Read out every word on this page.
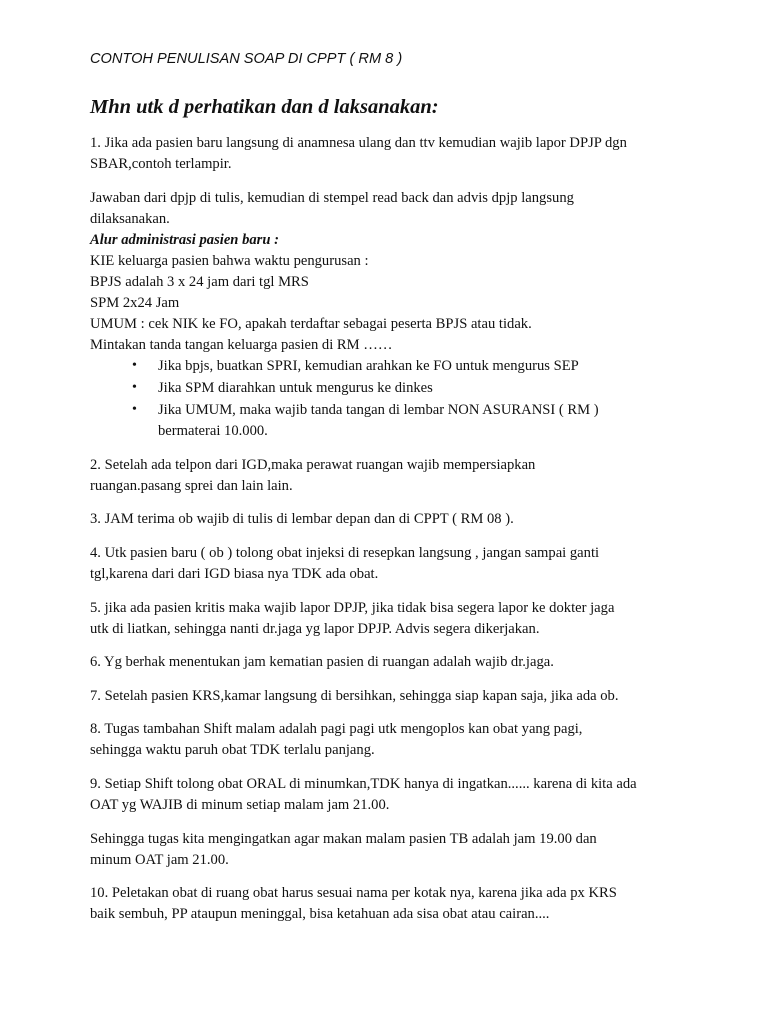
CONTOH PENULISAN SOAP DI CPPT ( RM 8 )
Mhn utk d perhatikan dan d laksanakan:
1. Jika ada pasien baru langsung di anamnesa ulang dan ttv kemudian wajib lapor DPJP dgn
SBAR,contoh terlampir.
Jawaban dari dpjp di tulis, kemudian di stempel read back dan advis dpjp langsung
dilaksanakan.
Alur administrasi pasien baru :
KIE keluarga pasien bahwa waktu pengurusan :
BPJS adalah 3 x 24 jam dari tgl MRS
SPM 2x24 Jam
UMUM : cek NIK ke FO, apakah terdaftar sebagai peserta BPJS atau tidak.
Mintakan tanda tangan keluarga pasien di RM ……
• Jika bpjs, buatkan SPRI, kemudian arahkan ke FO untuk mengurus SEP
• Jika SPM diarahkan untuk mengurus ke dinkes
• Jika UMUM, maka wajib tanda tangan di lembar NON ASURANSI ( RM )
bermaterai 10.000.
2. Setelah ada telpon dari IGD,maka perawat ruangan wajib mempersiapkan
ruangan.pasang sprei dan lain lain.
3. JAM terima ob wajib di tulis di lembar depan dan di CPPT ( RM 08 ).
4. Utk pasien baru ( ob ) tolong obat injeksi di resepkan langsung , jangan sampai ganti
tgl,karena dari dari IGD biasa nya TDK ada obat.
5. jika ada pasien kritis maka wajib lapor DPJP, jika tidak bisa segera lapor ke dokter jaga
utk di liatkan, sehingga nanti dr.jaga yg lapor DPJP. Advis segera dikerjakan.
6. Yg berhak menentukan jam kematian pasien di ruangan adalah wajib dr.jaga.
7. Setelah pasien KRS,kamar langsung di bersihkan, sehingga siap kapan saja, jika ada ob.
8. Tugas tambahan Shift malam adalah pagi pagi utk mengoplos kan obat yang pagi,
sehingga waktu paruh obat TDK terlalu panjang.
9. Setiap Shift tolong obat ORAL di minumkan,TDK hanya di ingatkan...... karena di kita ada
OAT yg WAJIB di minum setiap malam jam 21.00.
Sehingga tugas kita mengingatkan agar makan malam pasien TB adalah jam 19.00 dan
minum OAT jam 21.00.
10. Peletakan obat di ruang obat harus sesuai nama per kotak nya, karena jika ada px KRS
baik sembuh, PP ataupun meninggal, bisa ketahuan ada sisa obat atau cairan....
